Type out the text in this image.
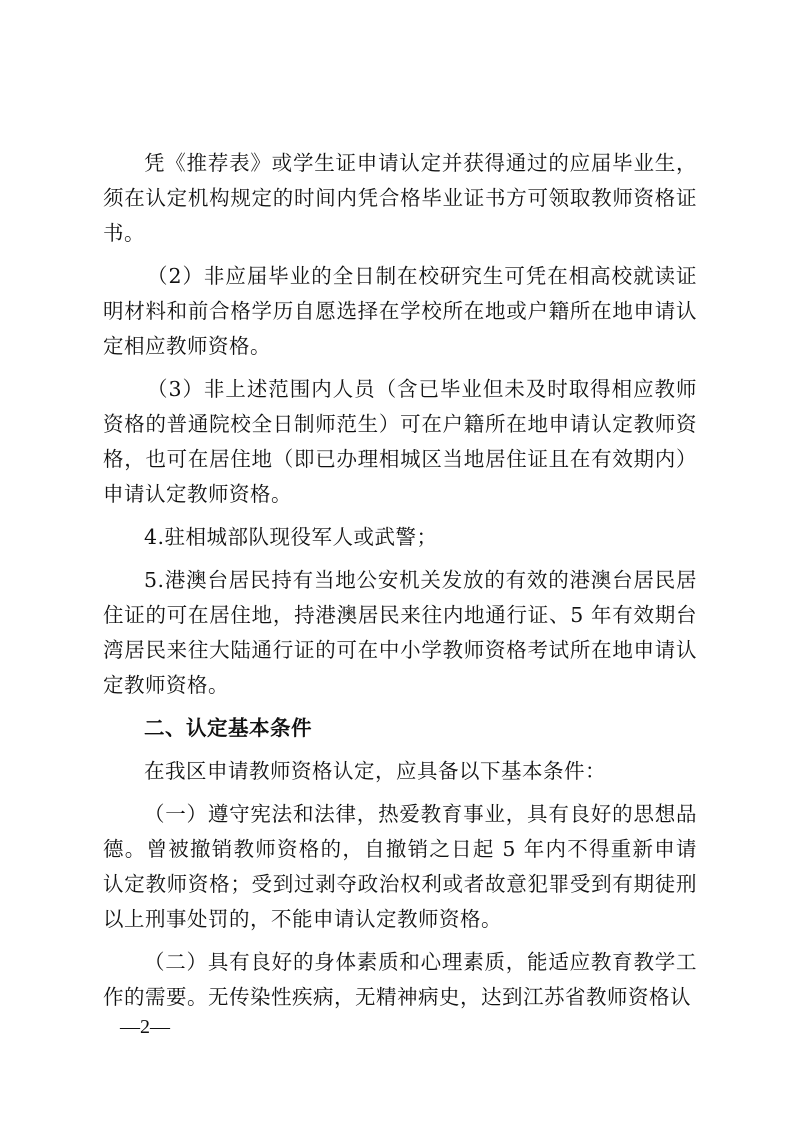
凭《推荐表》或学生证申请认定并获得通过的应届毕业生，须在认定机构规定的时间内凭合格毕业证书方可领取教师资格证书。

（2）非应届毕业的全日制在校研究生可凭在相高校就读证明材料和前合格学历自愿选择在学校所在地或户籍所在地申请认定相应教师资格。

（3）非上述范围内人员（含已毕业但未及时取得相应教师资格的普通院校全日制师范生）可在户籍所在地申请认定教师资格，也可在居住地（即已办理相城区当地居住证且在有效期内）申请认定教师资格。

4.驻相城部队现役军人或武警；

5.港澳台居民持有当地公安机关发放的有效的港澳台居民居住证的可在居住地，持港澳居民来往内地通行证、5 年有效期台湾居民来往大陆通行证的可在中小学教师资格考试所在地申请认定教师资格。

二、认定基本条件

在我区申请教师资格认定，应具备以下基本条件：

（一）遵守宪法和法律，热爱教育事业，具有良好的思想品德。曾被撤销教师资格的，自撤销之日起 5 年内不得重新申请认定教师资格；受到过剥夺政治权利或者故意犯罪受到有期徒刑以上刑事处罚的，不能申请认定教师资格。

（二）具有良好的身体素质和心理素质，能适应教育教学工作的需要。无传染性疾病，无精神病史，达到江苏省教师资格认

—2—
